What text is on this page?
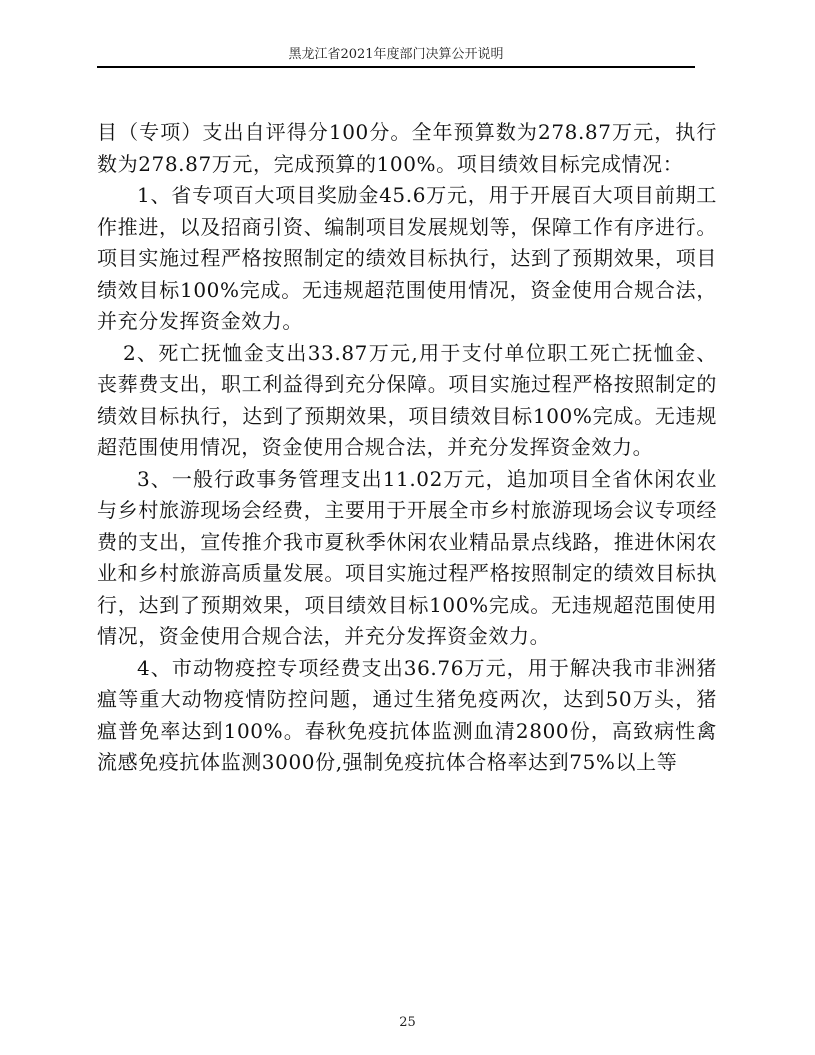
黑龙江省2021年度部门决算公开说明

目（专项）支出自评得分100分。全年预算数为278.87万元，执行数为278.87万元，完成预算的100%。项目绩效目标完成情况：

1、省专项百大项目奖励金45.6万元，用于开展百大项目前期工作推进，以及招商引资、编制项目发展规划等，保障工作有序进行。项目实施过程严格按照制定的绩效目标执行，达到了预期效果，项目绩效目标100%完成。无违规超范围使用情况，资金使用合规合法，并充分发挥资金效力。

2、死亡抚恤金支出33.87万元,用于支付单位职工死亡抚恤金、丧葬费支出，职工利益得到充分保障。项目实施过程严格按照制定的绩效目标执行，达到了预期效果，项目绩效目标100%完成。无违规超范围使用情况，资金使用合规合法，并充分发挥资金效力。

3、一般行政事务管理支出11.02万元，追加项目全省休闲农业与乡村旅游现场会经费，主要用于开展全市乡村旅游现场会议专项经费的支出，宣传推介我市夏秋季休闲农业精品景点线路，推进休闲农业和乡村旅游高质量发展。项目实施过程严格按照制定的绩效目标执行，达到了预期效果，项目绩效目标100%完成。无违规超范围使用情况，资金使用合规合法，并充分发挥资金效力。

4、市动物疫控专项经费支出36.76万元，用于解决我市非洲猪瘟等重大动物疫情防控问题，通过生猪免疫两次，达到50万头，猪瘟普免率达到100%。春秋免疫抗体监测血清2800份，高致病性禽流感免疫抗体监测3000份,强制免疫抗体合格率达到75%以上等

25
